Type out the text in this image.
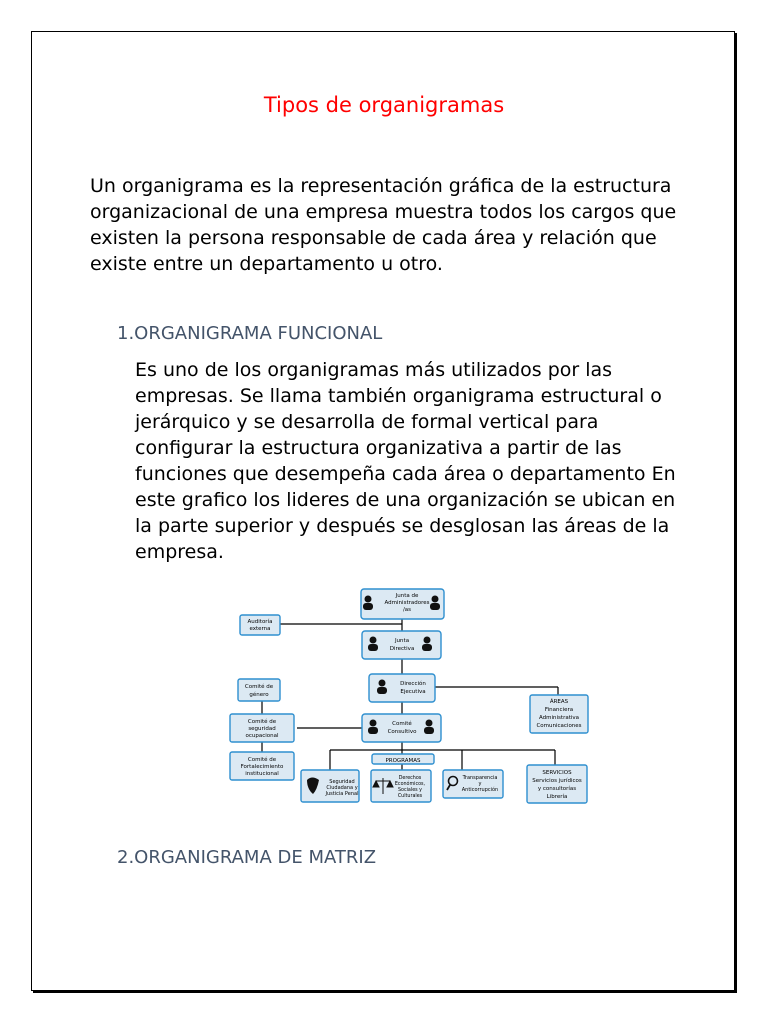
Tipos de organigramas
Un organigrama es la representación gráfica de la estructura organizacional de una empresa muestra todos los cargos que existen la persona responsable de cada área y relación que existe entre un departamento u otro.
1.ORGANIGRAMA FUNCIONAL
Es uno de los organigramas más utilizados por las empresas. Se llama también organigrama estructural o jerárquico y se desarrolla de formal vertical para configurar la estructura organizativa a partir de las funciones que desempeña cada área o departamento En este grafico los lideres de una organización se ubican en la parte superior y después se desglosan las áreas de la empresa.
Junta de
Administradores
/as
Auditoría
externa
Junta
Directiva
Dirección
Ejecutiva
Comité de
género
ÁREAS
Financiera
Administrativa
Comunicaciones
Comité de
seguridad
ocupacional
Comité
Consultivo
Comité de
Fortalecimiento
institucional
PROGRAMAS
Seguridad
Ciudadana y
Justicia Penal
Derechos
Económicos,
Sociales y
Culturales
Transparencia
y
Anticorrupción
SERVICIOS
Servicios jurídicos
y consultorías
Librería
2.ORGANIGRAMA DE MATRIZ
